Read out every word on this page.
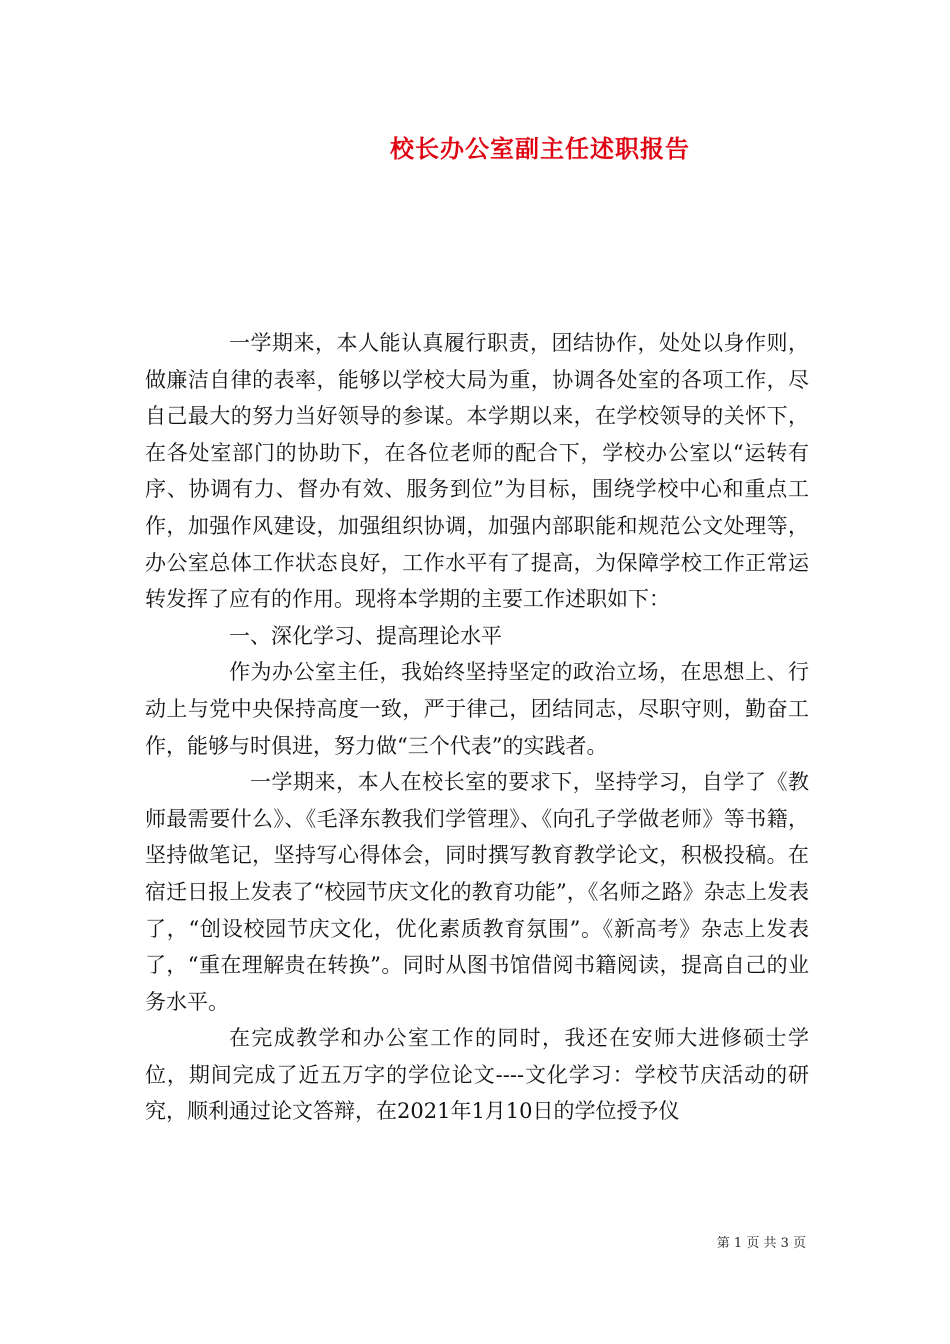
校长办公室副主任述职报告

一学期来，本人能认真履行职责，团结协作，处处以身作则，做廉洁自律的表率，能够以学校大局为重，协调各处室的各项工作，尽自己最大的努力当好领导的参谋。本学期以来，在学校领导的关怀下，在各处室部门的协助下，在各位老师的配合下，学校办公室以“运转有序、协调有力、督办有效、服务到位”为目标，围绕学校中心和重点工作，加强作风建设，加强组织协调，加强内部职能和规范公文处理等，办公室总体工作状态良好，工作水平有了提高，为保障学校工作正常运转发挥了应有的作用。现将本学期的主要工作述职如下：

一、深化学习、提高理论水平

作为办公室主任，我始终坚持坚定的政治立场，在思想上、行动上与党中央保持高度一致，严于律己，团结同志，尽职守则，勤奋工作，能够与时俱进，努力做“三个代表”的实践者。

一学期来，本人在校长室的要求下，坚持学习，自学了《教师最需要什么》、《毛泽东教我们学管理》、《向孔子学做老师》等书籍，坚持做笔记，坚持写心得体会，同时撰写教育教学论文，积极投稿。在宿迁日报上发表了“校园节庆文化的教育功能”，《名师之路》杂志上发表了，“创设校园节庆文化，优化素质教育氛围”。《新高考》杂志上发表了，“重在理解贵在转换”。同时从图书馆借阅书籍阅读，提高自己的业务水平。

在完成教学和办公室工作的同时，我还在安师大进修硕士学位，期间完成了近五万字的学位论文----文化学习：学校节庆活动的研究，顺利通过论文答辩，在2021年1月10日的学位授予仪

第 1 页 共 3 页
